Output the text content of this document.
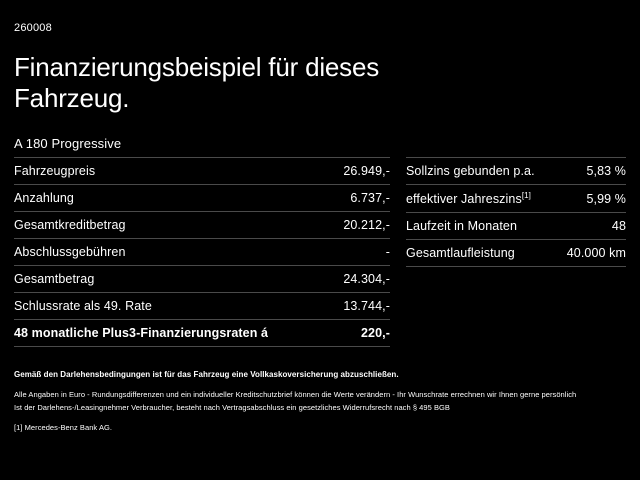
260008
Finanzierungsbeispiel für dieses
Fahrzeug.
A 180 Progressive
Fahrzeugpreis	26.949,-
Anzahlung	6.737,-
Gesamtkreditbetrag	20.212,-
Abschlussgebühren	-
Gesamtbetrag	24.304,-
Schlussrate als 49. Rate	13.744,-
48 monatliche Plus3-Finanzierungsraten á	220,-
Sollzins gebunden p.a.	5,83 %
effektiver Jahreszins[1]	5,99 %
Laufzeit in Monaten	48
Gesamtlaufleistung	40.000 km
Gemäß den Darlehensbedingungen ist für das Fahrzeug eine Vollkaskoversicherung abzuschließen.
Alle Angaben in Euro - Rundungsdifferenzen und ein individueller Kreditschutzbrief können die Werte verändern - Ihr Wunschrate errechnen wir Ihnen gerne persönlich
Ist der Darlehens-/Leasingnehmer Verbraucher, besteht nach Vertragsabschluss ein gesetzliches Widerrufsrecht nach § 495 BGB
[1] Mercedes-Benz Bank AG.
